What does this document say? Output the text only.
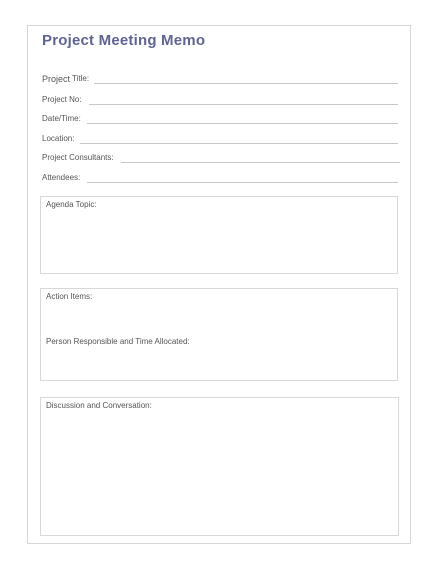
Project Meeting Memo
Project Title:
Project No:
Date/Time:
Location:
Project Consultants:
Attendees:
Agenda Topic:
Action Items:
Person Responsible and Time Allocated:
Discussion and Conversation:
